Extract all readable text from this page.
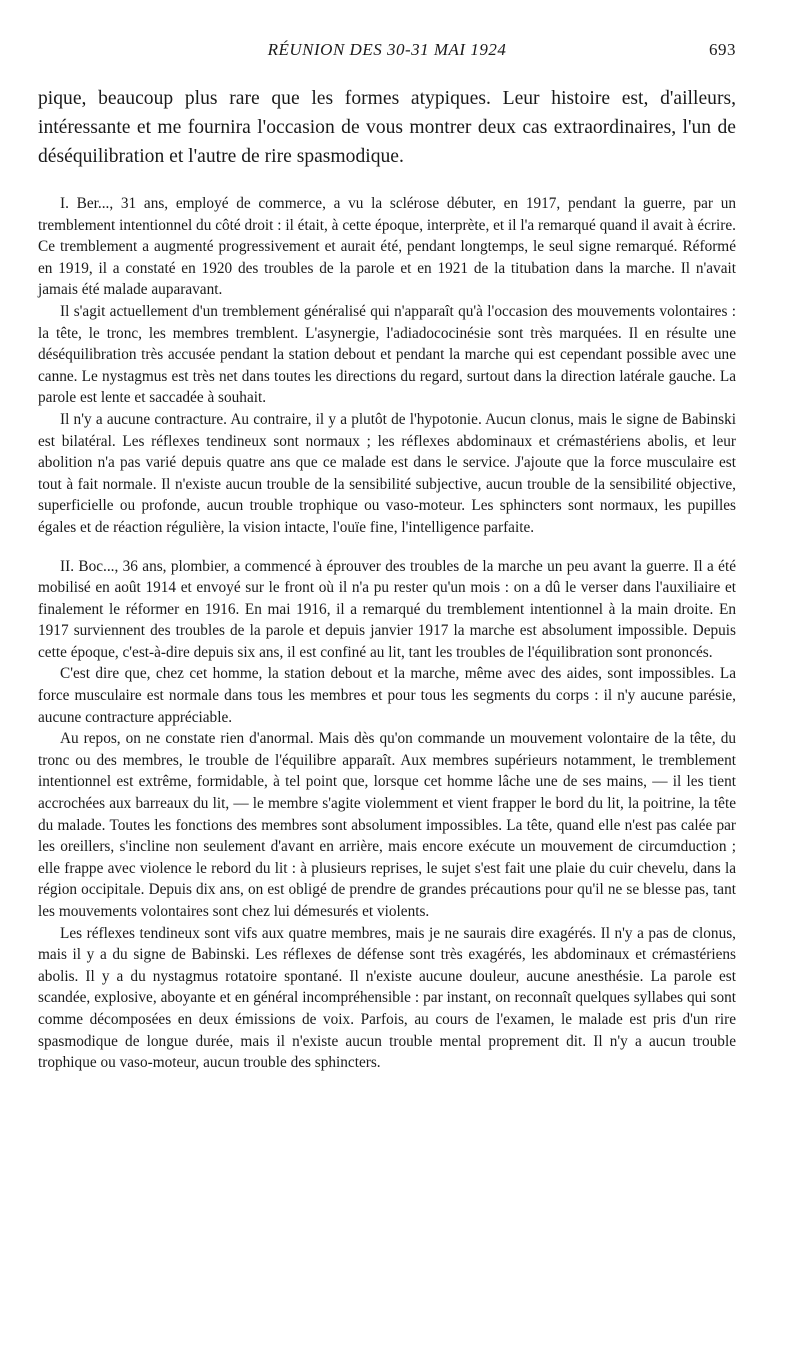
RÉUNION DES 30-31 MAI 1924	693

pique, beaucoup plus rare que les formes atypiques. Leur histoire est, d'ailleurs, intéressante et me fournira l'occasion de vous montrer deux cas extraordinaires, l'un de déséquilibration et l'autre de rire spasmodique.

I. Ber..., 31 ans, employé de commerce, a vu la sclérose débuter, en 1917, pendant la guerre, par un tremblement intentionnel du côté droit : il était, à cette époque, interprète, et il l'a remarqué quand il avait à écrire. Ce tremblement a augmenté progressivement et aurait été, pendant longtemps, le seul signe remarqué. Réformé en 1919, il a constaté en 1920 des troubles de la parole et en 1921 de la titubation dans la marche. Il n'avait jamais été malade auparavant.

Il s'agit actuellement d'un tremblement généralisé qui n'apparaît qu'à l'occasion des mouvements volontaires : la tête, le tronc, les membres tremblent. L'asynergie, l'adiadococinésie sont très marquées. Il en résulte une déséquilibration très accusée pendant la station debout et pendant la marche qui est cependant possible avec une canne. Le nystagmus est très net dans toutes les directions du regard, surtout dans la direction latérale gauche. La parole est lente et saccadée à souhait.

Il n'y a aucune contracture. Au contraire, il y a plutôt de l'hypotonie. Aucun clonus, mais le signe de Babinski est bilatéral. Les réflexes tendineux sont normaux ; les réflexes abdominaux et crémastériens abolis, et leur abolition n'a pas varié depuis quatre ans que ce malade est dans le service. J'ajoute que la force musculaire est tout à fait normale. Il n'existe aucun trouble de la sensibilité subjective, aucun trouble de la sensibilité objective, superficielle ou profonde, aucun trouble trophique ou vaso-moteur. Les sphincters sont normaux, les pupilles égales et de réaction régulière, la vision intacte, l'ouïe fine, l'intelligence parfaite.

II. Boc..., 36 ans, plombier, a commencé à éprouver des troubles de la marche un peu avant la guerre. Il a été mobilisé en août 1914 et envoyé sur le front où il n'a pu rester qu'un mois : on a dû le verser dans l'auxiliaire et finalement le réformer en 1916. En mai 1916, il a remarqué du tremblement intentionnel à la main droite. En 1917 surviennent des troubles de la parole et depuis janvier 1917 la marche est absolument impossible. Depuis cette époque, c'est-à-dire depuis six ans, il est confiné au lit, tant les troubles de l'équilibration sont prononcés.

C'est dire que, chez cet homme, la station debout et la marche, même avec des aides, sont impossibles. La force musculaire est normale dans tous les membres et pour tous les segments du corps : il n'y aucune parésie, aucune contracture appréciable.

Au repos, on ne constate rien d'anormal. Mais dès qu'on commande un mouvement volontaire de la tête, du tronc ou des membres, le trouble de l'équilibre apparaît. Aux membres supérieurs notamment, le tremblement intentionnel est extrême, formidable, à tel point que, lorsque cet homme lâche une de ses mains, — il les tient accrochées aux barreaux du lit, — le membre s'agite violemment et vient frapper le bord du lit, la poitrine, la tête du malade. Toutes les fonctions des membres sont absolument impossibles. La tête, quand elle n'est pas calée par les oreillers, s'incline non seulement d'avant en arrière, mais encore exécute un mouvement de circumduction ; elle frappe avec violence le rebord du lit : à plusieurs reprises, le sujet s'est fait une plaie du cuir chevelu, dans la région occipitale. Depuis dix ans, on est obligé de prendre de grandes précautions pour qu'il ne se blesse pas, tant les mouvements volontaires sont chez lui démesurés et violents.

Les réflexes tendineux sont vifs aux quatre membres, mais je ne saurais dire exagérés. Il n'y a pas de clonus, mais il y a du signe de Babinski. Les réflexes de défense sont très exagérés, les abdominaux et crémastériens abolis. Il y a du nystagmus rotatoire spontané. Il n'existe aucune douleur, aucune anesthésie. La parole est scandée, explosive, aboyante et en général incompréhensible : par instant, on reconnaît quelques syllabes qui sont comme décomposées en deux émissions de voix. Parfois, au cours de l'examen, le malade est pris d'un rire spasmodique de longue durée, mais il n'existe aucun trouble mental proprement dit. Il n'y a aucun trouble trophique ou vaso-moteur, aucun trouble des sphincters.
